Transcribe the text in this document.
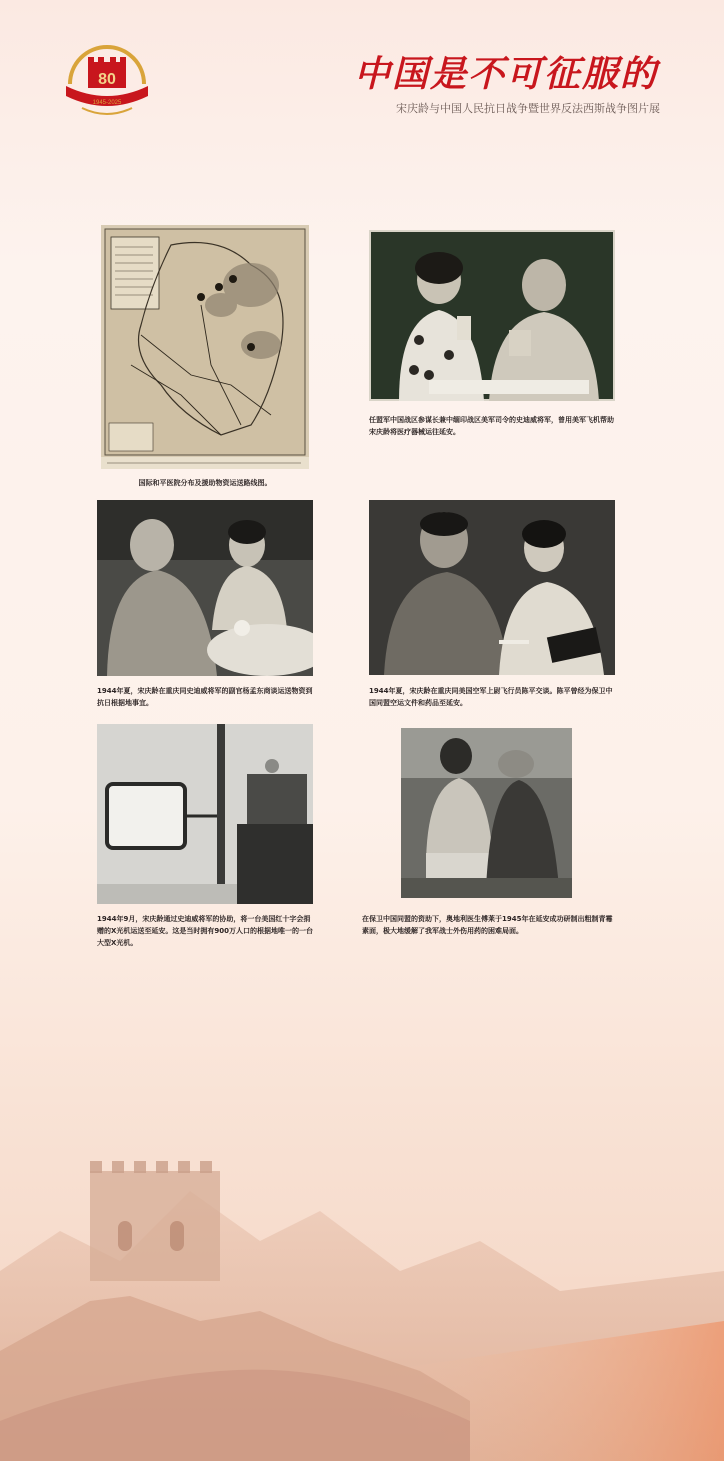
80
1945-2025
中国是不可征服的
宋庆龄与中国人民抗日战争暨世界反法西斯战争图片展
国际和平医院分布及援助物资运送路线图。
任盟军中国战区参谋长兼中缅印战区美军司令的史迪威将军，曾用美军飞机帮助宋庆龄将医疗器械运往延安。
1944年夏，宋庆龄在重庆同史迪威将军的副官杨孟东商谈运送物资到抗日根据地事宜。
1944年夏，宋庆龄在重庆同美国空军上尉飞行员陈平交谈。陈平曾经为保卫中国同盟空运文件和药品至延安。
1944年9月，宋庆龄通过史迪威将军的协助，将一台美国红十字会捐赠的X光机运送至延安。这是当时拥有900万人口的根据地唯一的一台大型X光机。
在保卫中国同盟的资助下，奥地利医生傅莱于1945年在延安成功研制出粗制青霉素面，极大地缓解了我军战士外伤用药的困难局面。
